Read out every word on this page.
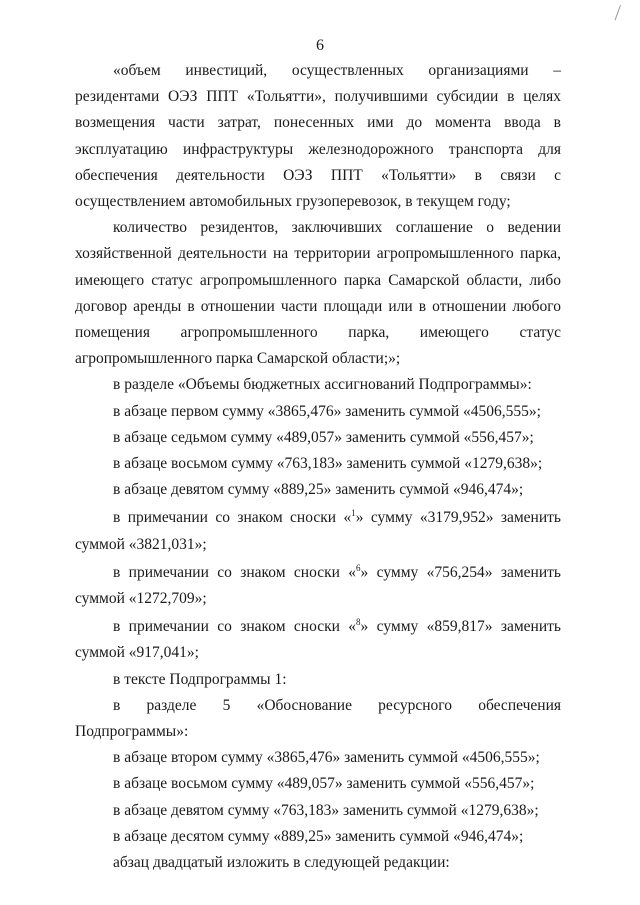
6

«объем инвестиций, осуществленных организациями – резидентами ОЭЗ ППТ «Тольятти», получившими субсидии в целях возмещения части затрат, понесенных ими до момента ввода в эксплуатацию инфраструктуры железнодорожного транспорта для обеспечения деятельности ОЭЗ ППТ «Тольятти» в связи с осуществлением автомобильных грузоперевозок, в текущем году;

количество резидентов, заключивших соглашение о ведении хозяйственной деятельности на территории агропромышленного парка, имеющего статус агропромышленного парка Самарской области, либо договор аренды в отношении части площади или в отношении любого помещения агропромышленного парка, имеющего статус агропромышленного парка Самарской области;»;

в разделе «Объемы бюджетных ассигнований Подпрограммы»:

в абзаце первом сумму «3865,476» заменить суммой «4506,555»;

в абзаце седьмом сумму «489,057» заменить суммой «556,457»;

в абзаце восьмом сумму «763,183» заменить суммой «1279,638»;

в абзаце девятом сумму «889,25» заменить суммой «946,474»;

в примечании со знаком сноски «$^1$» сумму «3179,952» заменить суммой «3821,031»;

в примечании со знаком сноски «$^6$» сумму «756,254» заменить суммой «1272,709»;

в примечании со знаком сноски «$^8$» сумму «859,817» заменить суммой «917,041»;

в тексте Подпрограммы 1:

в разделе 5 «Обоснование ресурсного обеспечения Подпрограммы»:

в абзаце втором сумму «3865,476» заменить суммой «4506,555»;

в абзаце восьмом сумму «489,057» заменить суммой «556,457»;

в абзаце девятом сумму «763,183» заменить суммой «1279,638»;

в абзаце десятом сумму «889,25» заменить суммой «946,474»;

абзац двадцатый изложить в следующей редакции:
